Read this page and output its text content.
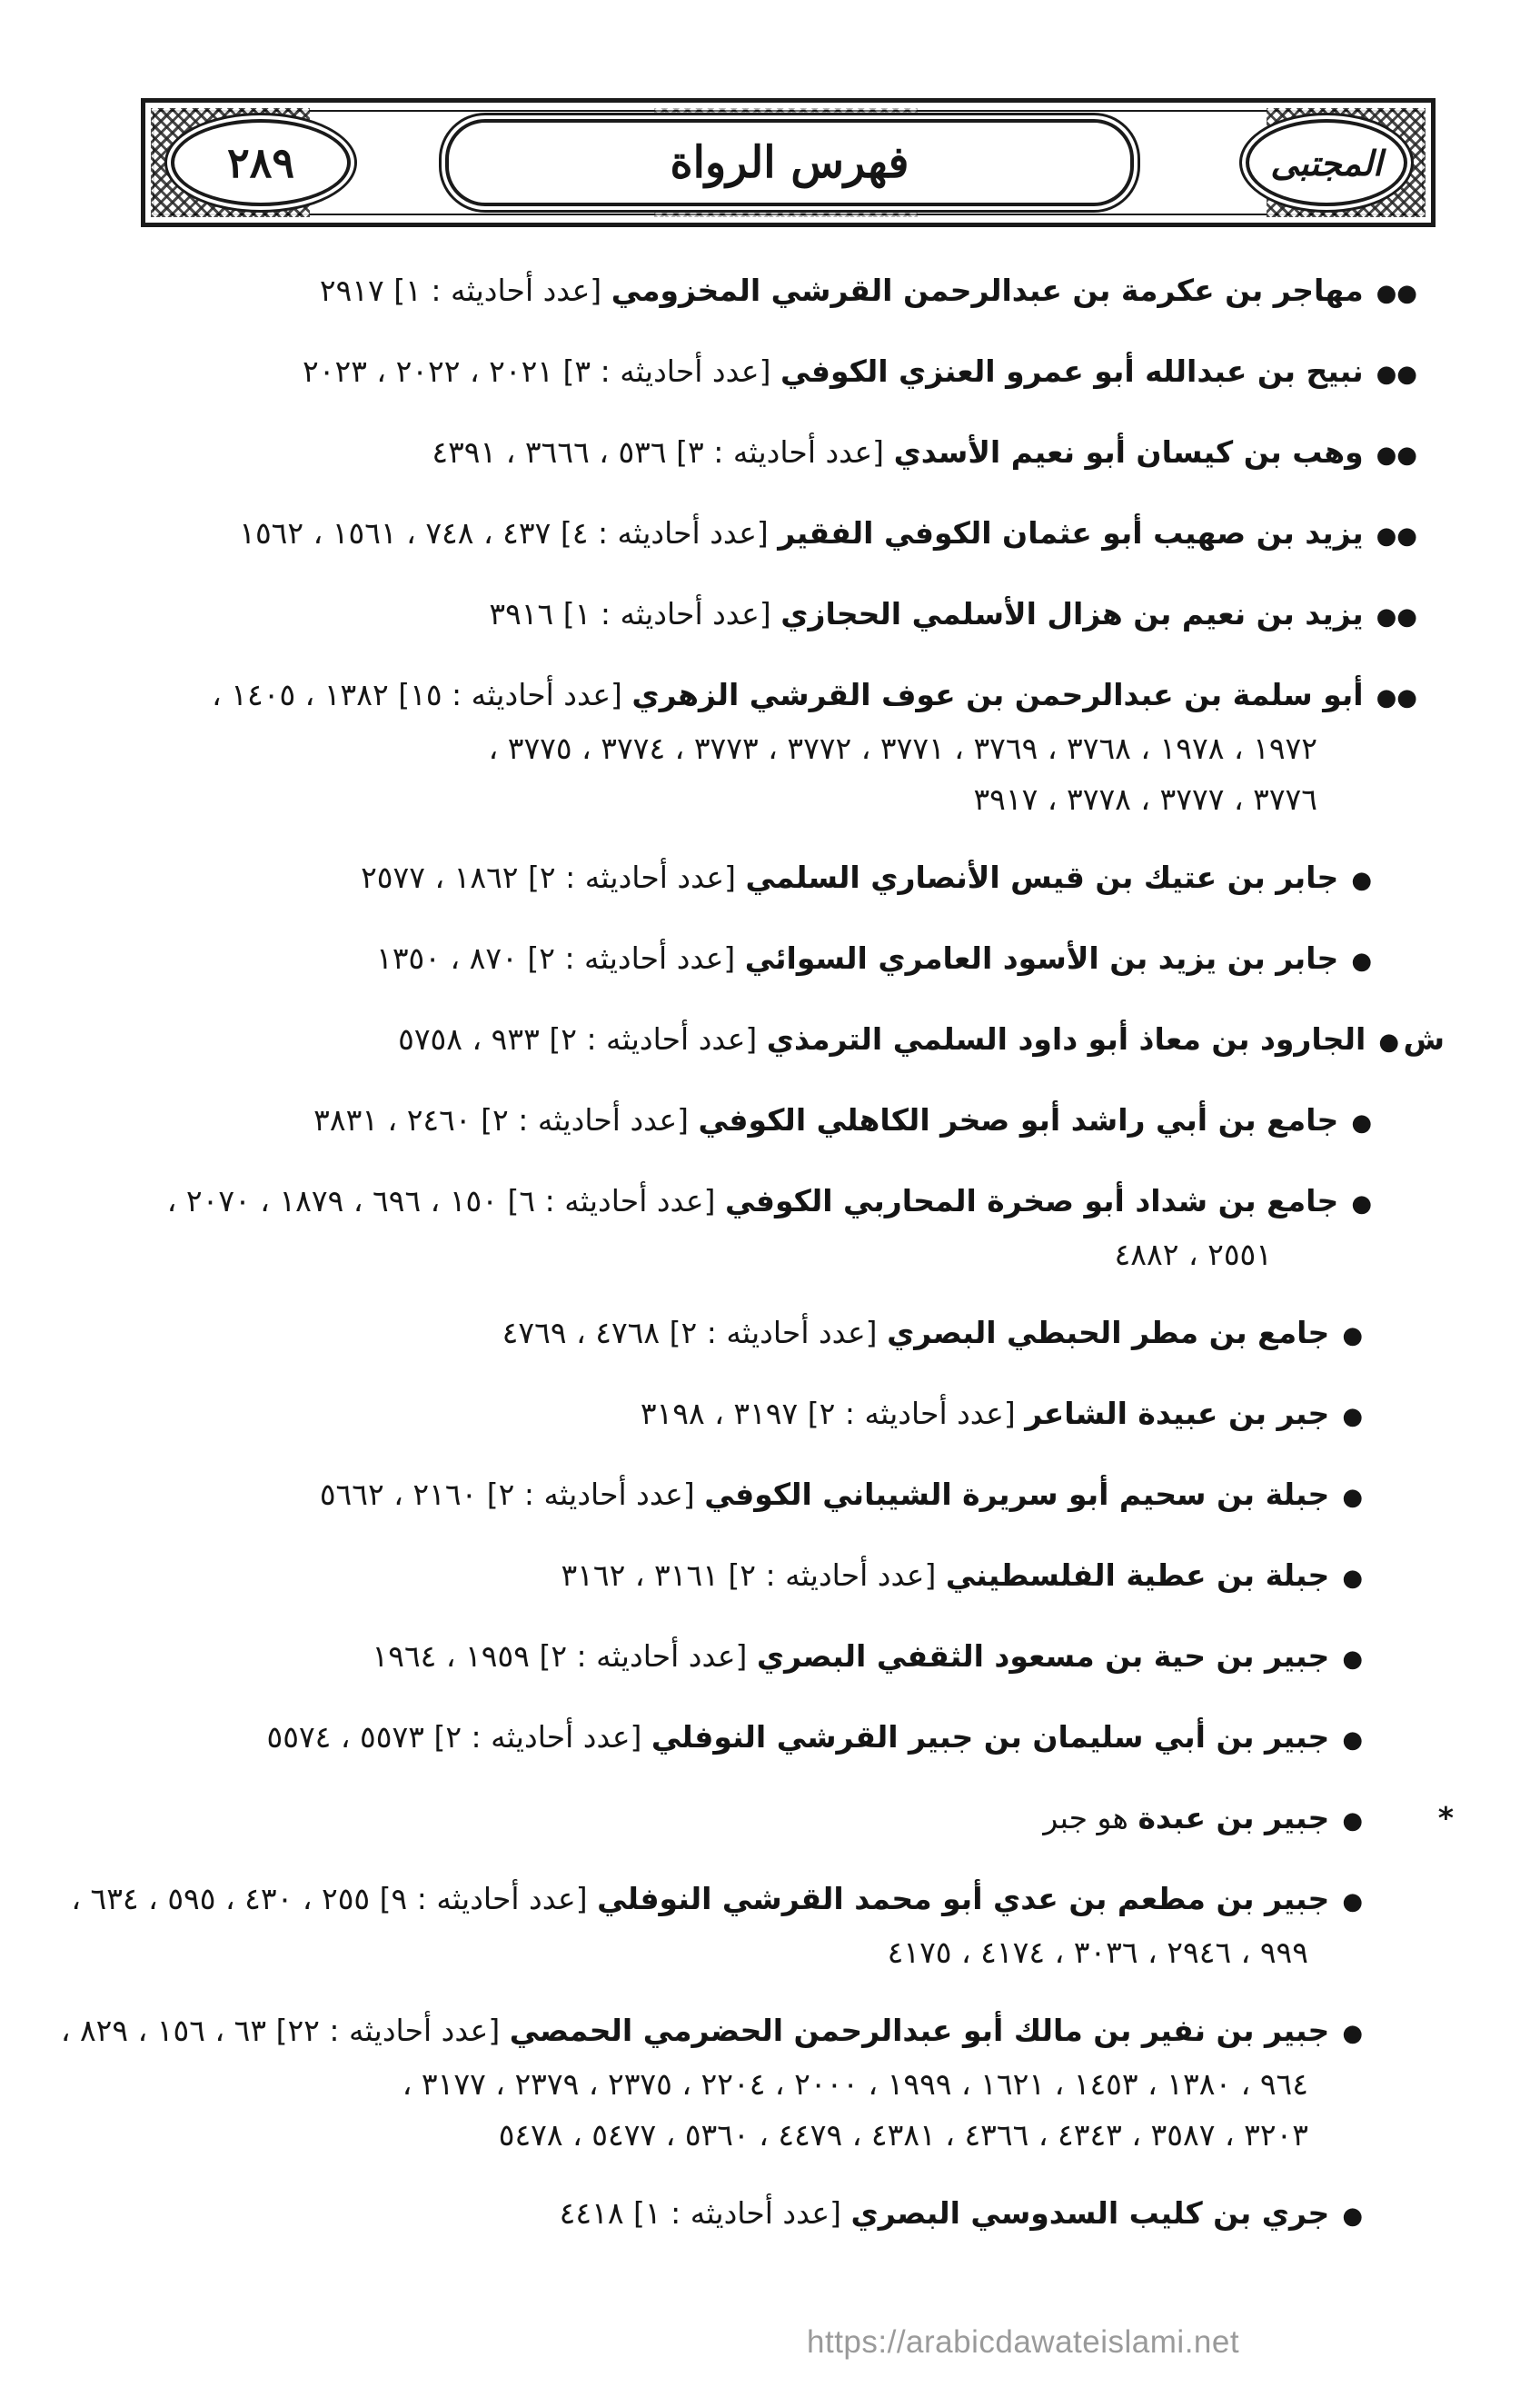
٢٨٩	فهرس الرواة	المجتبى
●●مهاجر بن عكرمة بن عبدالرحمن القرشي المخزومي [عدد أحاديثه : ١] ٢٩١٧
●●نبيح بن عبدالله أبو عمرو العنزي الكوفي [عدد أحاديثه : ٣] ٢٠٢١ ، ٢٠٢٢ ، ٢٠٢٣
●●وهب بن كيسان أبو نعيم الأسدي [عدد أحاديثه : ٣] ٥٣٦ ، ٣٦٦٦ ، ٤٣٩١
●●يزيد بن صهيب أبو عثمان الكوفي الفقير [عدد أحاديثه : ٤] ٤٣٧ ، ٧٤٨ ، ١٥٦١ ، ١٥٦٢
●●يزيد بن نعيم بن هزال الأسلمي الحجازي [عدد أحاديثه : ١] ٣٩١٦
●●أبو سلمة بن عبدالرحمن بن عوف القرشي الزهري [عدد أحاديثه : ١٥] ١٣٨٢ ، ١٤٠٥ ،
١٩٧٢ ، ١٩٧٨ ، ٣٧٦٨ ، ٣٧٦٩ ، ٣٧٧١ ، ٣٧٧٢ ، ٣٧٧٣ ، ٣٧٧٤ ، ٣٧٧٥ ،
٣٧٧٦ ، ٣٧٧٧ ، ٣٧٧٨ ، ٣٩١٧
●جابر بن عتيك بن قيس الأنصاري السلمي [عدد أحاديثه : ٢] ١٨٦٢ ، ٢٥٧٧
●جابر بن يزيد بن الأسود العامري السوائي [عدد أحاديثه : ٢] ٨٧٠ ، ١٣٥٠
ش
●الجارود بن معاذ أبو داود السلمي الترمذي [عدد أحاديثه : ٢] ٩٣٣ ، ٥٧٥٨
●جامع بن أبي راشد أبو صخر الكاهلي الكوفي [عدد أحاديثه : ٢] ٢٤٦٠ ، ٣٨٣١
●جامع بن شداد أبو صخرة المحاربي الكوفي [عدد أحاديثه : ٦] ١٥٠ ، ٦٩٦ ، ١٨٧٩ ، ٢٠٧٠ ،
٢٥٥١ ، ٤٨٨٢
●جامع بن مطر الحبطي البصري [عدد أحاديثه : ٢] ٤٧٦٨ ، ٤٧٦٩
●جبر بن عبيدة الشاعر [عدد أحاديثه : ٢] ٣١٩٧ ، ٣١٩٨
●جبلة بن سحيم أبو سريرة الشيباني الكوفي [عدد أحاديثه : ٢] ٢١٦٠ ، ٥٦٦٢
●جبلة بن عطية الفلسطيني [عدد أحاديثه : ٢] ٣١٦١ ، ٣١٦٢
●جبير بن حية بن مسعود الثقفي البصري [عدد أحاديثه : ٢] ١٩٥٩ ، ١٩٦٤
●جبير بن أبي سليمان بن جبير القرشي النوفلي [عدد أحاديثه : ٢] ٥٥٧٣ ، ٥٥٧٤
*
●جبير بن عبدة هو جبر
●جبير بن مطعم بن عدي أبو محمد القرشي النوفلي [عدد أحاديثه : ٩] ٢٥٥ ، ٤٣٠ ، ٥٩٥ ، ٦٣٤ ،
٩٩٩ ، ٢٩٤٦ ، ٣٠٣٦ ، ٤١٧٤ ، ٤١٧٥
●جبير بن نفير بن مالك أبو عبدالرحمن الحضرمي الحمصي [عدد أحاديثه : ٢٢] ٦٣ ، ١٥٦ ، ٨٢٩ ،
٩٦٤ ، ١٣٨٠ ، ١٤٥٣ ، ١٦٢١ ، ١٩٩٩ ، ٢٠٠٠ ، ٢٢٠٤ ، ٢٣٧٥ ، ٢٣٧٩ ، ٣١٧٧ ،
٣٢٠٣ ، ٣٥٨٧ ، ٤٣٤٣ ، ٤٣٦٦ ، ٤٣٨١ ، ٤٤٧٩ ، ٥٣٦٠ ، ٥٤٧٧ ، ٥٤٧٨
●جري بن كليب السدوسي البصري [عدد أحاديثه : ١] ٤٤١٨
https://arabicdawateislami.net
